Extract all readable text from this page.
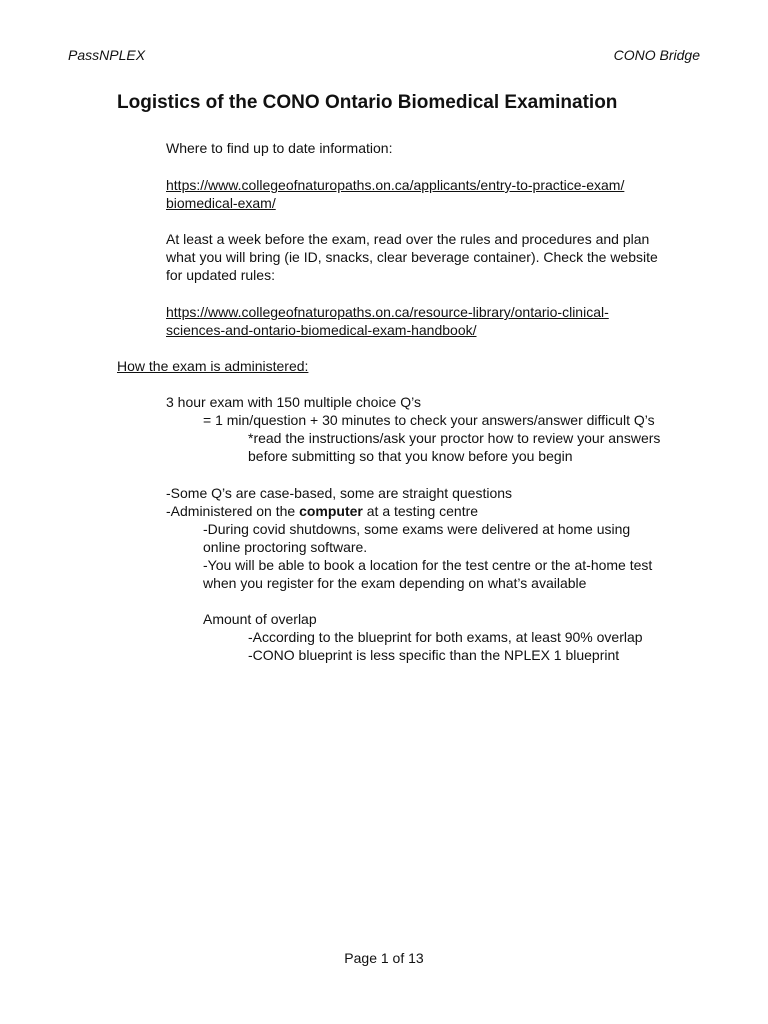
PassNPLEX	CONO Bridge
Logistics of the CONO Ontario Biomedical Examination
Where to find up to date information:
https://www.collegeofnaturopaths.on.ca/applicants/entry-to-practice-exam/
biomedical-exam/
At least a week before the exam, read over the rules and procedures and plan
what you will bring (ie ID, snacks, clear beverage container). Check the website
for updated rules:
https://www.collegeofnaturopaths.on.ca/resource-library/ontario-clinical-
sciences-and-ontario-biomedical-exam-handbook/
How the exam is administered:
3 hour exam with 150 multiple choice Q’s
= 1 min/question + 30 minutes to check your answers/answer difficult Q’s
*read the instructions/ask your proctor how to review your answers
before submitting so that you know before you begin
-Some Q’s are case-based, some are straight questions
-Administered on the computer at a testing centre
-During covid shutdowns, some exams were delivered at home using
online proctoring software.
-You will be able to book a location for the test centre or the at-home test
when you register for the exam depending on what’s available
Amount of overlap
-According to the blueprint for both exams, at least 90% overlap
-CONO blueprint is less specific than the NPLEX 1 blueprint
Page 1 of 13
